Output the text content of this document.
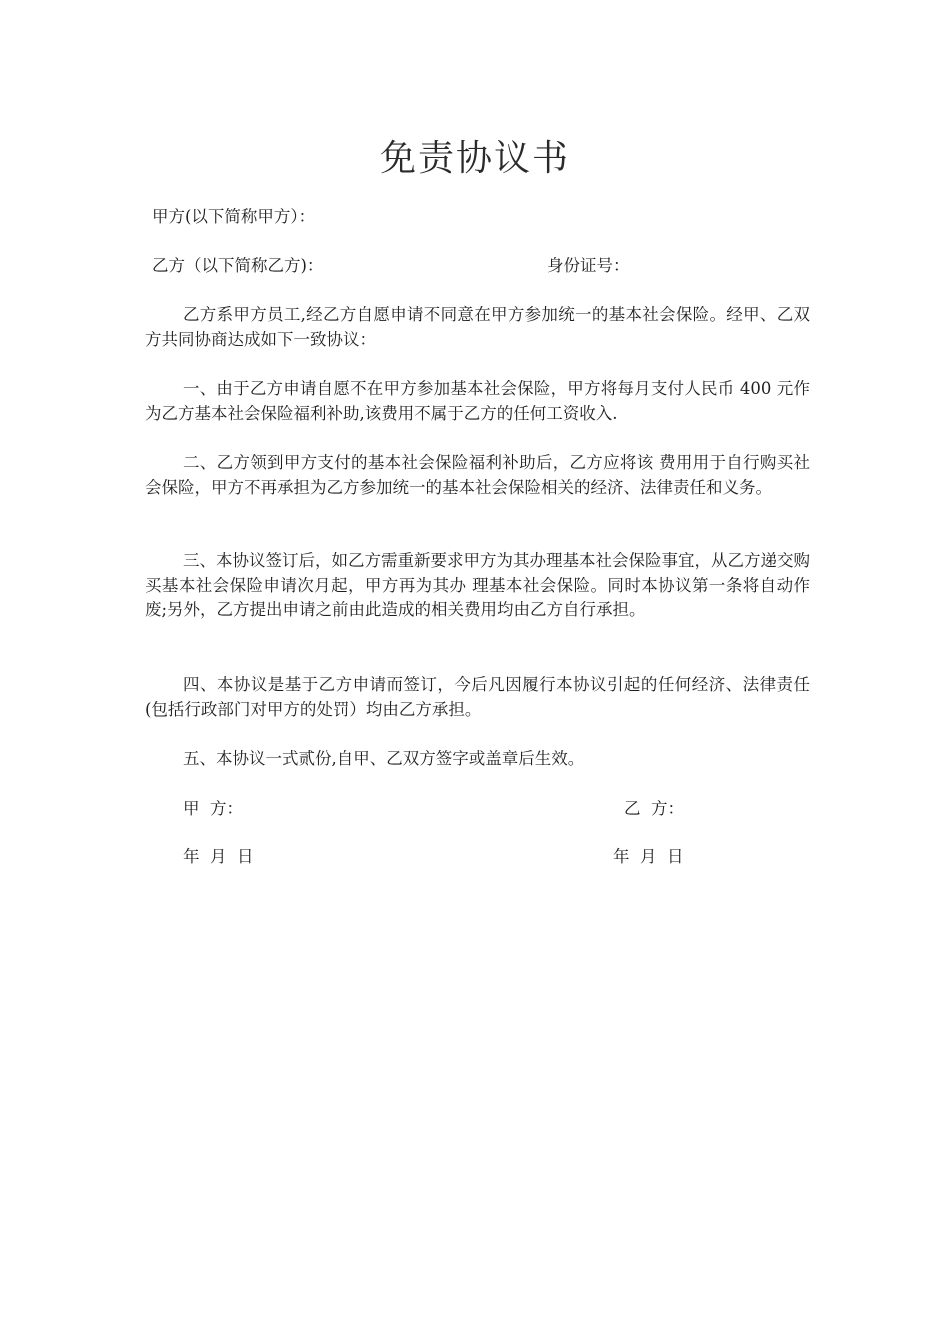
免责协议书
甲方(以下简称甲方）：
乙方（以下简称乙方)：	身份证号：
乙方系甲方员工,经乙方自愿申请不同意在甲方参加统一的基本社会保险。经甲、乙双方共同协商达成如下一致协议：
一、由于乙方申请自愿不在甲方参加基本社会保险，甲方将每月支付人民币 400 元作为乙方基本社会保险福利补助,该费用不属于乙方的任何工资收入.
二、乙方领到甲方支付的基本社会保险福利补助后，乙方应将该 费用用于自行购买社会保险，甲方不再承担为乙方参加统一的基本社会保险相关的经济、法律责任和义务。
三、本协议签订后，如乙方需重新要求甲方为其办理基本社会保险事宜，从乙方递交购买基本社会保险申请次月起，甲方再为其办 理基本社会保险。同时本协议第一条将自动作废;另外，乙方提出申请之前由此造成的相关费用均由乙方自行承担。
四、本协议是基于乙方申请而签订，今后凡因履行本协议引起的任何经济、法律责任(包括行政部门对甲方的处罚）均由乙方承担。
五、本协议一式贰份,自甲、乙双方签字或盖章后生效。
甲  方：	乙  方：
年  月  日	年  月  日
